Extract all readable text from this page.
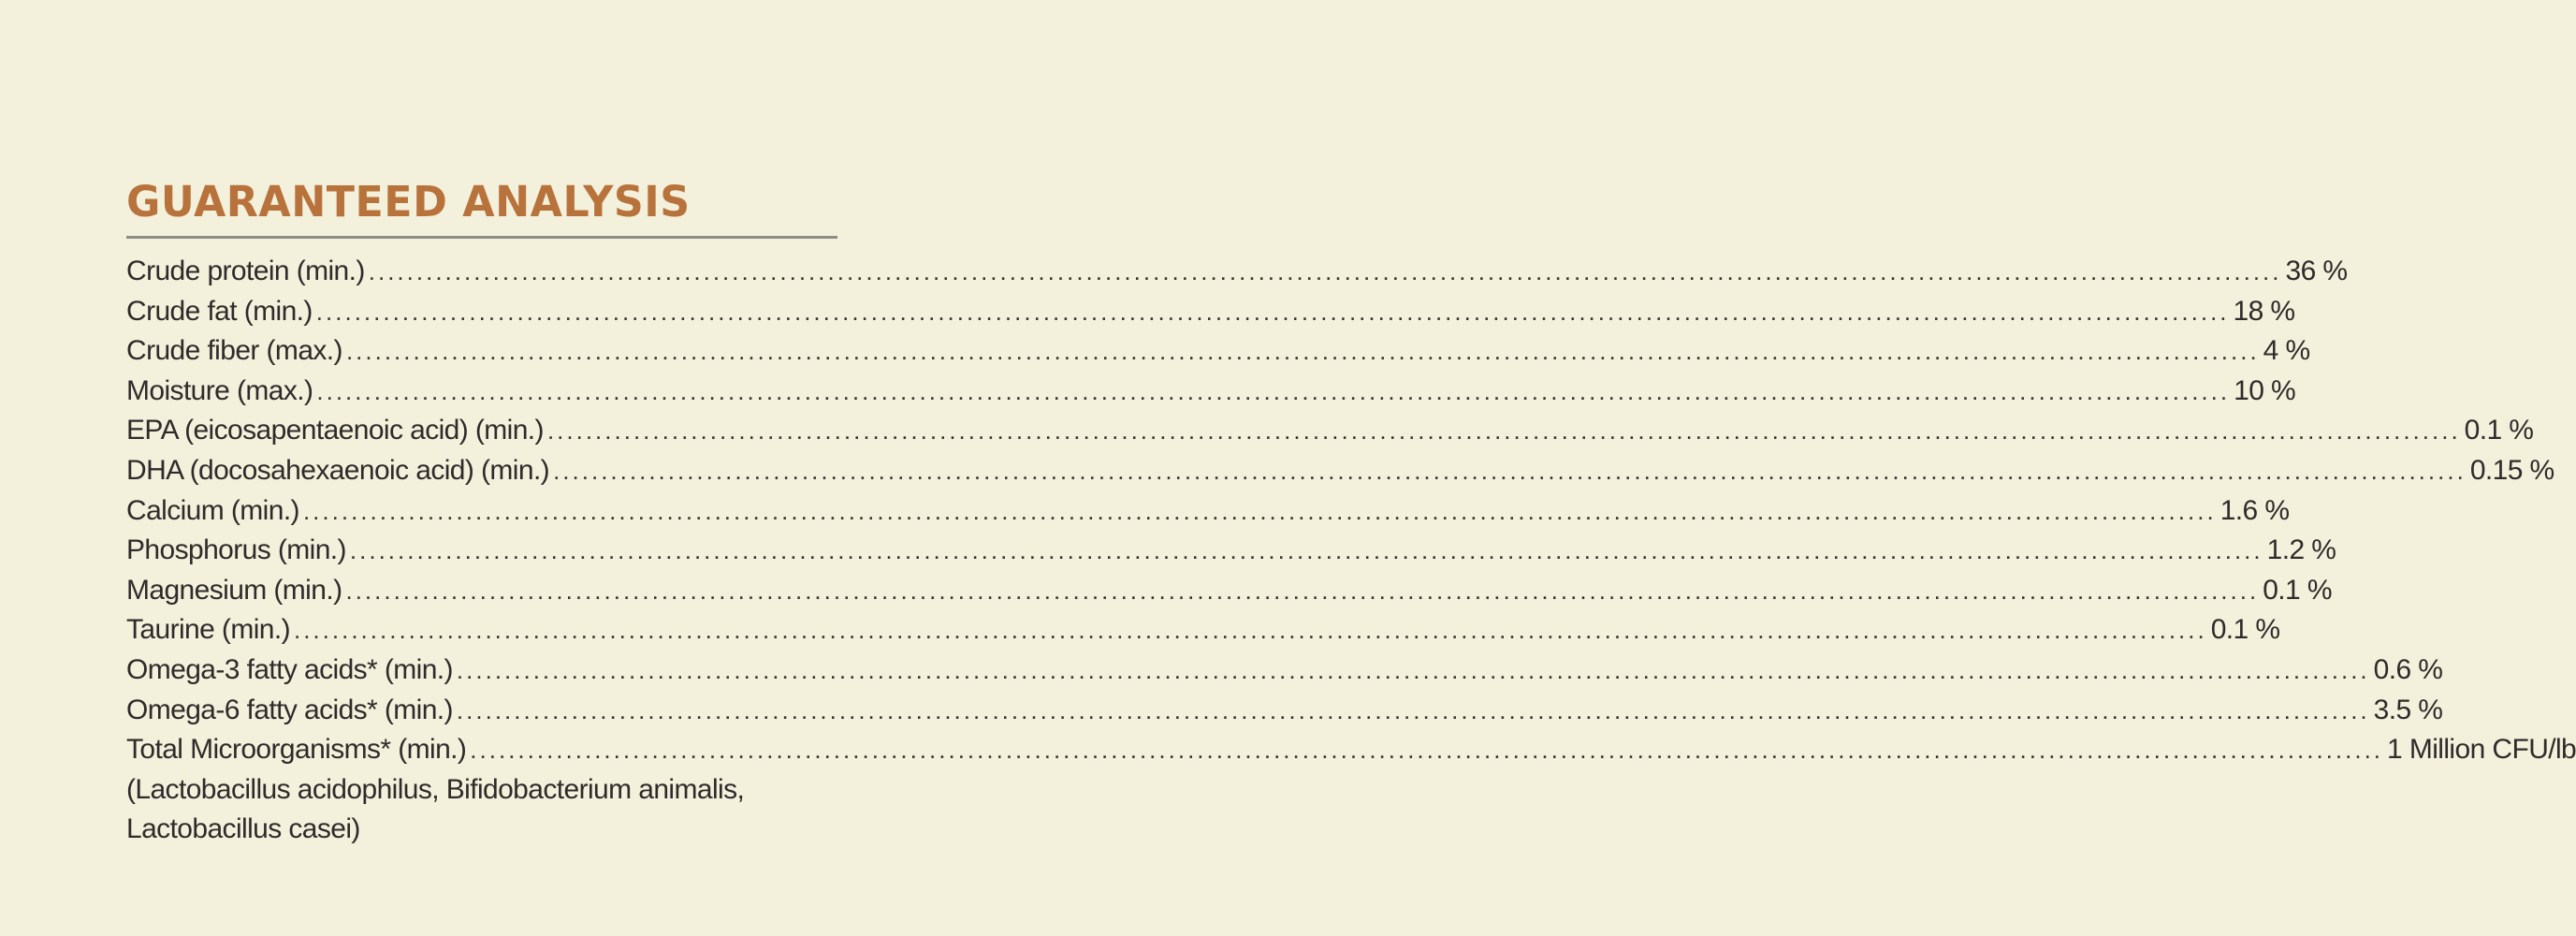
GUARANTEED ANALYSIS
Crude protein (min.) ........................................................................................................................................................................................................ 36 %
Crude fat (min.) ........................................................................................................................................................................................................ 18 %
Crude fiber (max.) ........................................................................................................................................................................................................ 4 %
Moisture (max.) ........................................................................................................................................................................................................ 10 %
EPA (eicosapentaenoic acid) (min.) ........................................................................................................................................................................................................ 0.1 %
DHA (docosahexaenoic acid) (min.) ........................................................................................................................................................................................................ 0.15 %
Calcium (min.) ........................................................................................................................................................................................................ 1.6 %
Phosphorus (min.) ........................................................................................................................................................................................................ 1.2 %
Magnesium (min.) ........................................................................................................................................................................................................ 0.1 %
Taurine (min.) ........................................................................................................................................................................................................ 0.1 %
Omega-3 fatty acids* (min.) ........................................................................................................................................................................................................ 0.6 %
Omega-6 fatty acids* (min.) ........................................................................................................................................................................................................ 3.5 %
Total Microorganisms* (min.) ........................................................................................................................................................................................................ 1 Million CFU/lb
(Lactobacillus acidophilus, Bifidobacterium animalis, Lactobacillus casei)
